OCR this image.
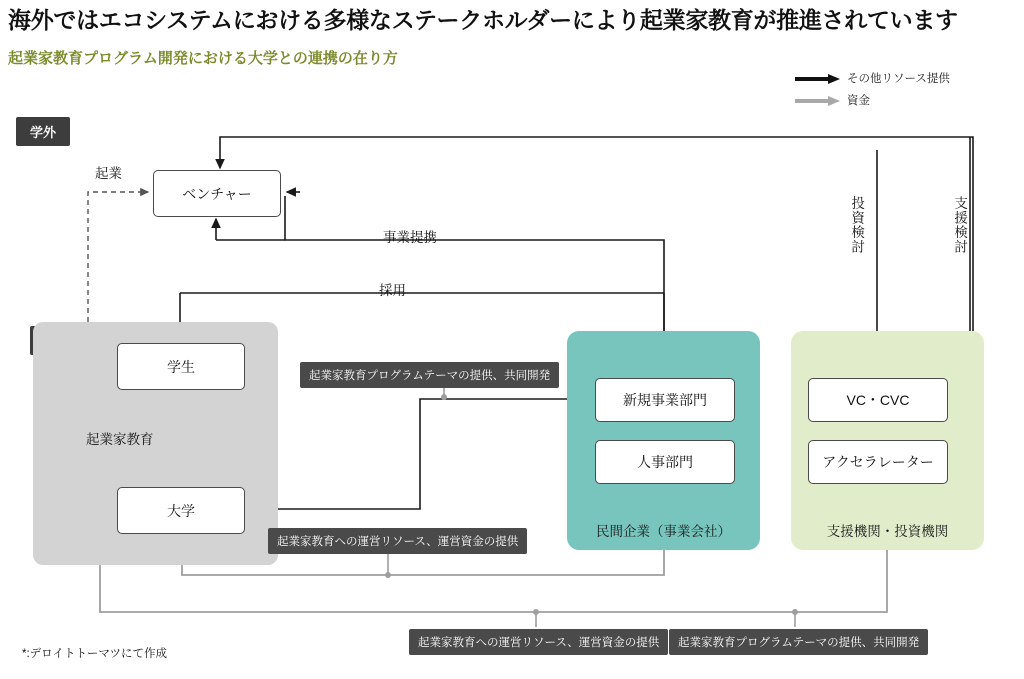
海外ではエコシステムにおける多様なステークホルダーにより起業家教育が推進されています
起業家教育プログラム開発における大学との連携の在り方
その他リソース提供
資金
学外
民間企業（事業会社）	支援機関・投資機関
ベンチャー
学生
大学
新規事業部門
人事部門
VC・CVC
アクセラレーター
起業
事業提携
採用
起業家教育
投資検討	支援検討
起業家教育プログラムテーマの提供、共同開発
起業家教育への運営リソース、運営資金の提供
起業家教育への運営リソース、運営資金の提供	起業家教育プログラムテーマの提供、共同開発
*:デロイトトーマツにて作成
